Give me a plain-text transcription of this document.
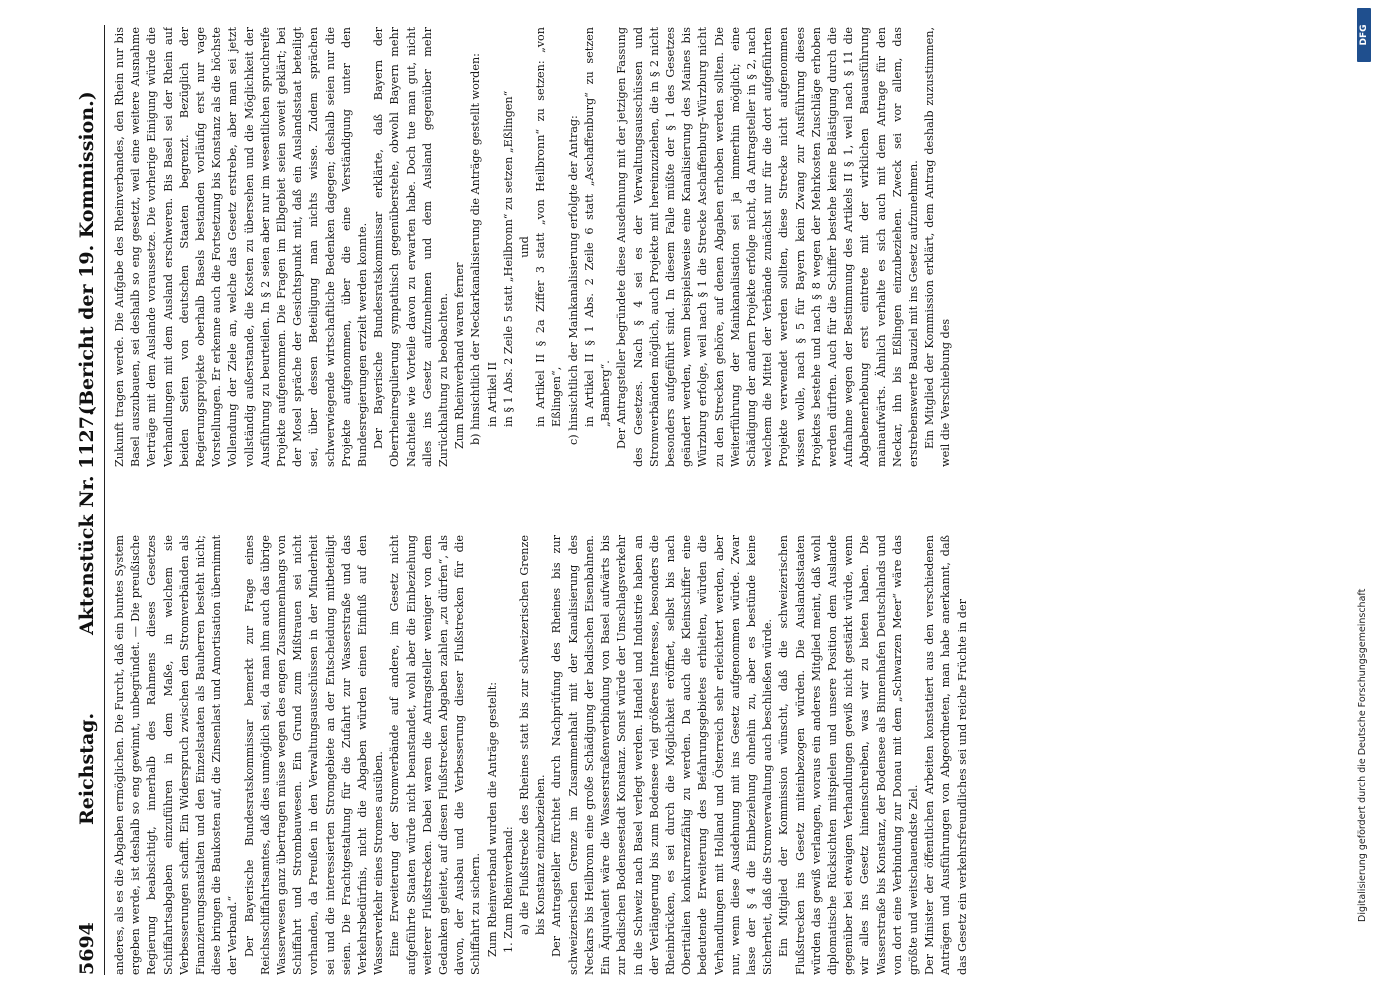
5694
Reichstag.
Aktenstück Nr. 1127.
(Bericht der 19. Kommission.)

anderes, als es die Abgaben ermöglichen. Die Furcht, daß ein buntes System ergeben werde, ist deshalb so eng gewinnt, unbegründet. — Die preußische Regierung beabsichtigt, innerhalb des Rahmens dieses Gesetzes Schiffahrtsabgaben einzuführen in dem Maße, in welchem sie Verbesserungen schafft. Ein Widerspruch zwischen den Stromverbänden als Finanzierungsanstalten und den Einzelstaaten als Bauherren besteht nicht; diese bringen die Baukosten auf, die Zinsenlast und Amortisation übernimmt der Verband.“ Der Bayerische Bundesratskommissar bemerkt zur Frage eines Reichsschiffahrtsamtes, daß dies unmöglich sei, da man ihm auch das übrige Wasserwesen ganz übertragen müsse wegen des engen Zusammenhangs von Schiffahrt und Strombauwesen. Ein Grund zum Mißtrauen sei nicht vorhanden, da Preußen in den Verwaltungsausschüssen in der Minderheit sei und die interessierten Stromgebiete an der Entscheidung mitbeteiligt seien. Die Frachtgestaltung für die Zufahrt zur Wasserstraße und das Verkehrsbedürfnis, nicht die Abgaben würden einen Einfluß auf den Wasserverkehr eines Stromes ausüben. Eine Erweiterung der Stromverbände auf andere, im Gesetz nicht aufgeführte Staaten würde nicht beanstandet, wohl aber die Einbeziehung weiterer Flußstrecken. Dabei waren die Antragsteller weniger von dem Gedanken geleitet, auf diesen Flußstrecken Abgaben zahlen „zu dürfen“, als davon, der Ausbau und die Verbesserung dieser Flußstrecken für die Schiffahrt zu sichern. Zum Rheinverband wurden die Anträge gestellt: 1. Zum Rheinverband: a) die Flußstrecke des Rheines statt bis zur schweizerischen Grenze bis Konstanz einzubeziehen. Der Antragsteller fürchtet durch Nachprüfung des Rheines bis zur schweizerischen Grenze im Zusammenhalt mit der Kanalisierung des Neckars bis Heilbronn eine große Schädigung der badischen Eisenbahnen. Ein Äquivalent wäre die Wasserstraßenverbindung von Basel aufwärts bis zur badischen Bodenseestadt Konstanz. Sonst würde der Umschlagsverkehr in die Schweiz nach Basel verlegt werden. Handel und Industrie haben an der Verlängerung bis zum Bodensee viel größeres Interesse, besonders die Rheinbrücken, es sei durch die Möglichkeit eröffnet, selbst bis nach Oberitalien konkurrenzfähig zu werden. Da auch die Kleinschiffer eine bedeutende Erweiterung des Befahrungsgebietes erhielten, würden die Verhandlungen mit Holland und Österreich sehr erleichtert werden, aber nur, wenn diese Ausdehnung mit ins Gesetz aufgenommen würde. Zwar lasse der § 4 die Einbeziehung ohnehin zu, aber es bestünde keine Sicherheit, daß die Stromverwaltung auch beschließen würde. Ein Mitglied der Kommission wünscht, daß die schweizerischen Flußstrecken ins Gesetz miteinbezogen würden. Die Auslandsstaaten würden das gewiß verlangen, woraus ein anderes Mitglied meint, daß wohl diplomatische Rücksichten mitspielen und unsere Position dem Auslande gegenüber bei etwaigen Verhandlungen gewiß nicht gestärkt würde, wenn wir alles ins Gesetz hineinschreiben, was wir zu bieten haben. Die Wasserstraße bis Konstanz, der Bodensee als Binnenhafen Deutschlands und von dort eine Verbindung zur Donau mit dem „Schwarzen Meer“ wäre das größte und weitschauendste Ziel. Der Minister der öffentlichen Arbeiten konstatiert aus den verschiedenen Anträgen und Ausführungen von Abgeordneten, man habe anerkannt, daß das Gesetz ein verkehrsfreundliches sei und reiche Früchte in der

Zukunft tragen werde. Die Aufgabe des Rheinverbandes, den Rhein nur bis Basel auszubauen, sei deshalb so eng gesetzt, weil eine weitere Ausnahme Verträge mit dem Auslande voraussetze. Die vorherige Einigung würde die Verhandlungen mit dem Ausland erschweren. Bis Basel sei der Rhein auf beiden Seiten von deutschen Staaten begrenzt. Bezüglich der Regierungsprojekte oberhalb Basels bestanden vorläufig erst nur vage Vorstellungen. Er erkenne auch die Fortsetzung bis Konstanz als die höchste Vollendung der Ziele an, welche das Gesetz erstrebe, aber man sei jetzt vollständig außerstande, die Kosten zu übersehen und die Möglichkeit der Ausführung zu beurteilen. In § 2 seien aber nur im wesentlichen spruchreife Projekte aufgenommen. Die Fragen im Elbgebiet seien soweit geklärt; bei der Mosel spräche der Gesichtspunkt mit, daß ein Auslandsstaat beteiligt sei, über dessen Beteiligung man nichts wisse. Zudem sprächen schwerwiegende wirtschaftliche Bedenken dagegen; deshalb seien nur die Projekte aufgenommen, über die eine Verständigung unter den Bundesregierungen erzielt werden konnte. Der Bayerische Bundesratskommissar erklärte, daß Bayern der Oberrheinregulierung sympathisch gegenüberstehe, obwohl Bayern mehr Nachteile wie Vorteile davon zu erwarten habe. Doch tue man gut, nicht alles ins Gesetz aufzunehmen und dem Ausland gegenüber mehr Zurückhaltung zu beobachten. Zum Rheinverband waren ferner b) hinsichtlich der Neckarkanalisierung die Anträge gestellt worden: in Artikel II in § 1 Abs. 2 Zeile 5 statt „Heilbronn“ zu setzen „Eßlingen“ und in Artikel II § 2a Ziffer 3 statt „von Heilbronn“ zu setzen: „von Eßlingen“, c) hinsichtlich der Mainkanalisierung erfolgte der Antrag: in Artikel II § 1 Abs. 2 Zeile 6 statt „Aschaffenburg“ zu setzen „Bamberg“. Der Antragsteller begründete diese Ausdehnung mit der jetzigen Fassung des Gesetzes. Nach § 4 sei es der Verwaltungsausschüssen und Stromverbänden möglich, auch Projekte mit hereinzuziehen, die in § 2 nicht besonders aufgeführt sind. In diesem Falle müßte der § 1 des Gesetzes geändert werden, wenn beispielsweise eine Kanalisierung des Maines bis Würzburg erfolge, weil nach § 1 die Strecke Aschaffenburg–Würzburg nicht zu den Strecken gehöre, auf denen Abgaben erhoben werden sollten. Die Weiterführung der Mainkanalisation sei ja immerhin möglich; eine Schädigung der andern Projekte erfolge nicht, da Antragsteller in § 2, nach welchem die Mittel der Verbände zunächst nur für die dort aufgeführten Projekte verwendet werden sollten, diese Strecke nicht aufgenommen wissen wolle, nach § 5 für Bayern kein Zwang zur Ausführung dieses Projektes bestehe und nach § 8 wegen der Mehrkosten Zuschläge erhoben werden dürften. Auch für die Schiffer bestehe keine Belästigung durch die Aufnahme wegen der Bestimmung des Artikels II § 1, weil nach § 11 die Abgabenerhebung erst eintrete mit der wirklichen Bauausführung mainaufwärts. Ähnlich verhalte es sich auch mit dem Antrage für den Neckar, ihn bis Eßlingen einzubeziehen. Zweck sei vor allem, das erstrebenswerte Bauziel mit ins Gesetz aufzunehmen. Ein Mitglied der Kommission erklärt, dem Antrag deshalb zuzustimmen, weil die Verschiebung des

Digitalisierung gefördert durch die Deutsche Forschungsgemeinschaft
DFG
